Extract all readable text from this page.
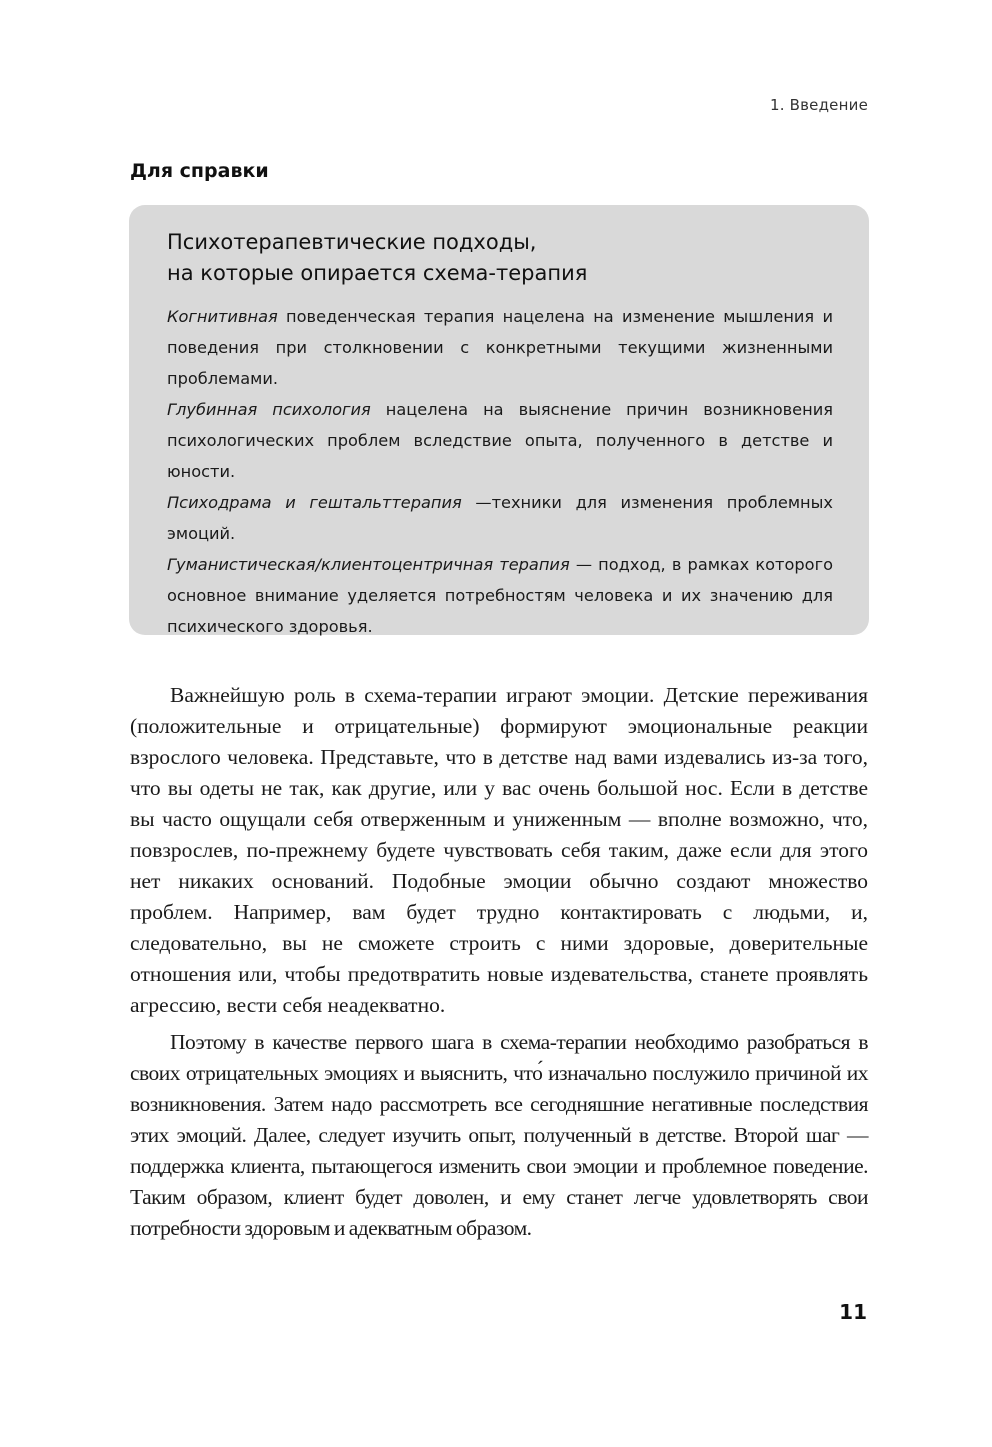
1. Введение
Для справки
Психотерапевтические подходы,
на которые опирается схема-терапия

Когнитивная поведенческая терапия нацелена на изменение мышления и поведения при столкновении с конкретными текущими жизненными проблемами.

Глубинная психология нацелена на выяснение причин возникновения психологических проблем вследствие опыта, полученного в детстве и юности.

Психодрама и гештальттерапия —техники для изменения проблемных эмоций.

Гуманистическая/клиентоцентричная терапия — подход, в рамках которого основное внимание уделяется потребностям человека и их значению для психического здоровья.

Важнейшую роль в схема-терапии играют эмоции. Детские переживания (положительные и отрицательные) формируют эмоциональные реакции взрослого человека. Представьте, что в детстве над вами издевались из-за того, что вы одеты не так, как другие, или у вас очень большой нос. Если в детстве вы часто ощущали себя отверженным и униженным — вполне возможно, что, повзрослев, по-прежнему будете чувствовать себя таким, даже если для этого нет никаких оснований. Подобные эмоции обычно создают множество проблем. Например, вам будет трудно контактировать с людьми, и, следовательно, вы не сможете строить с ними здоровые, доверительные отношения или, чтобы предотвратить новые издевательства, станете проявлять агрессию, вести себя неадекватно.

Поэтому в качестве первого шага в схема-терапии необходимо разобраться в своих отрицательных эмоциях и выяснить, что́ изначально послужило причиной их возникновения. Затем надо рассмотреть все сегодняшние негативные последствия этих эмоций. Далее, следует изучить опыт, полученный в детстве. Второй шаг — поддержка клиента, пытающегося изменить свои эмоции и проблемное поведение. Таким образом, клиент будет доволен, и ему станет легче удовлетворять свои потребности здоровым и адекватным образом.

11
